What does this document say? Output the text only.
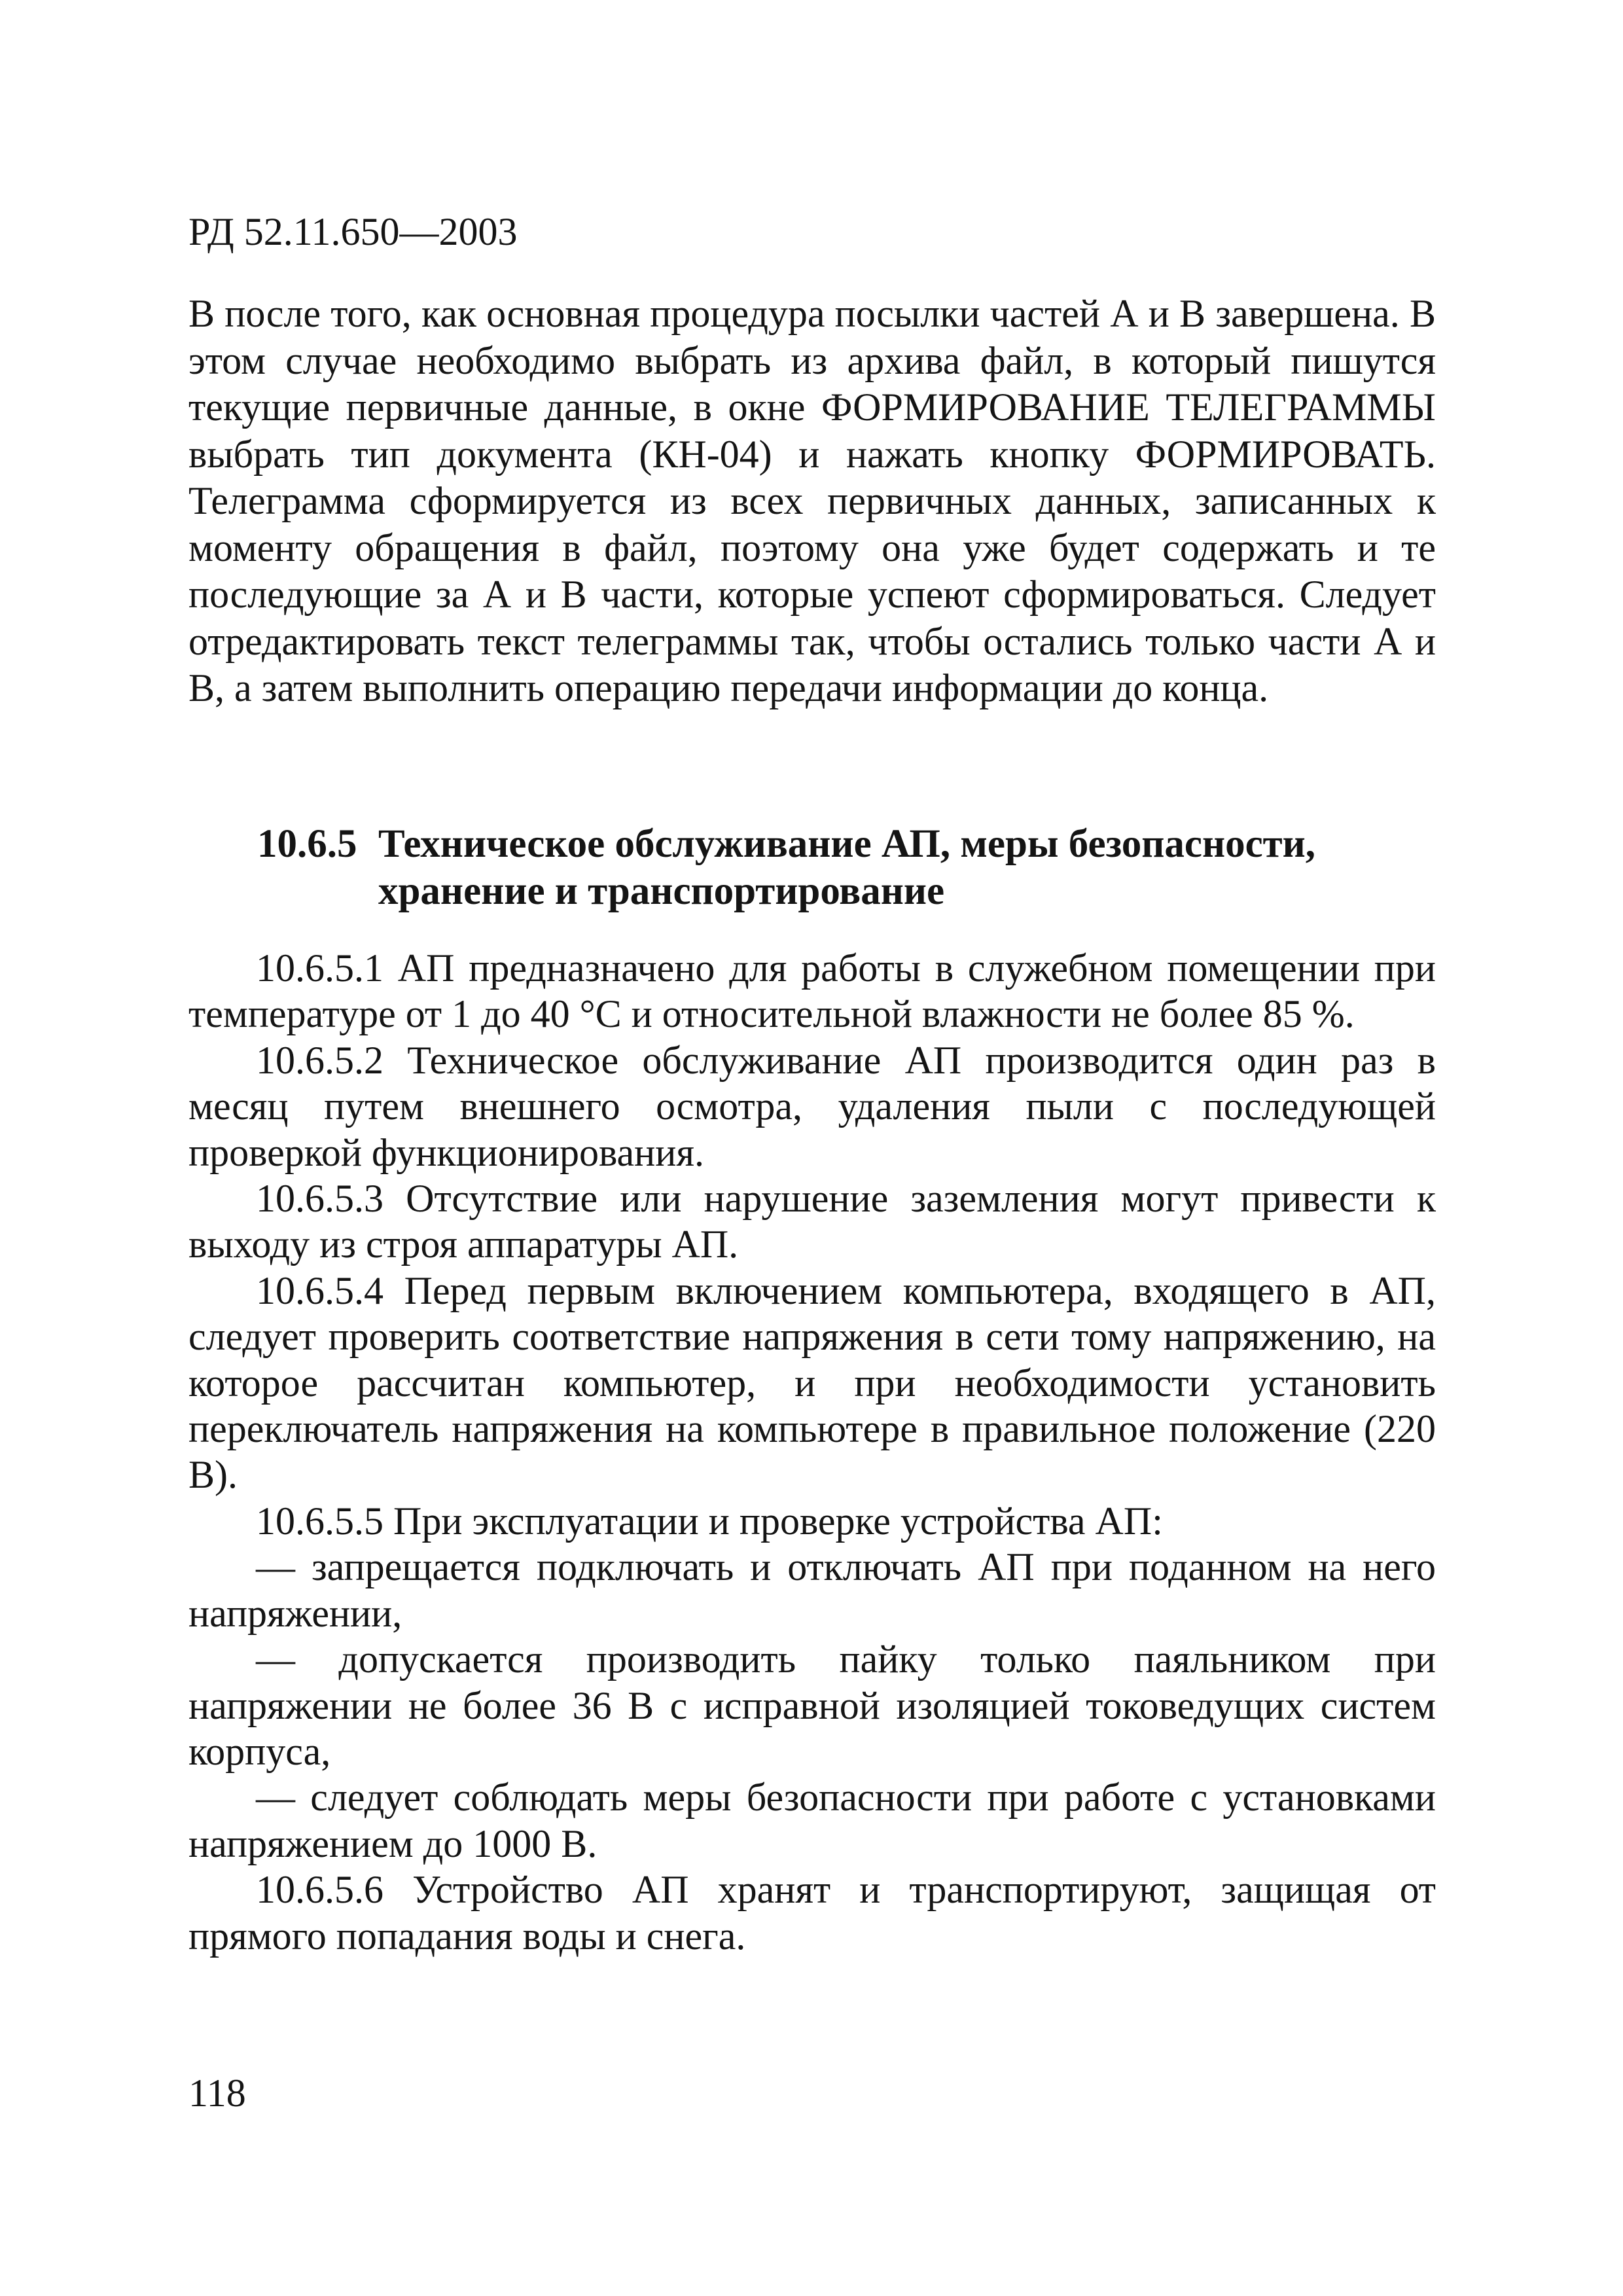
РД 52.11.650—2003

В после того, как основная процедура посылки частей А и В завершена. В этом случае необходимо выбрать из архива файл, в который пишутся текущие первичные данные, в окне ФОРМИРОВАНИЕ ТЕЛЕГРАММЫ выбрать тип документа (КН-04) и нажать кнопку ФОРМИРОВАТЬ. Телеграмма сформируется из всех первичных данных, записанных к моменту обращения в файл, поэтому она уже будет содержать и те последующие за А и В части, которые успеют сформироваться. Следует отредактировать текст телеграммы так, чтобы остались только части А и В, а затем выполнить операцию передачи информации до конца.

10.6.5 Техническое обслуживание АП, меры безопасности,
хранение и транспортирование

10.6.5.1 АП предназначено для работы в служебном помещении при температуре от 1 до 40 °С и относительной влажности не более 85 %.

10.6.5.2 Техническое обслуживание АП производится один раз в месяц путем внешнего осмотра, удаления пыли с последующей проверкой функционирования.

10.6.5.3 Отсутствие или нарушение заземления могут привести к выходу из строя аппаратуры АП.

10.6.5.4 Перед первым включением компьютера, входящего в АП, следует проверить соответствие напряжения в сети тому напряжению, на которое рассчитан компьютер, и при необходимости установить переключатель напряжения на компьютере в правильное положение (220 В).

10.6.5.5 При эксплуатации и проверке устройства АП:

— запрещается подключать и отключать АП при поданном на него напряжении,

— допускается производить пайку только паяльником при напряжении не более 36 В с исправной изоляцией токоведущих систем корпуса,

— следует соблюдать меры безопасности при работе с установками напряжением до 1000 В.

10.6.5.6 Устройство АП хранят и транспортируют, защищая от прямого попадания воды и снега.

118
